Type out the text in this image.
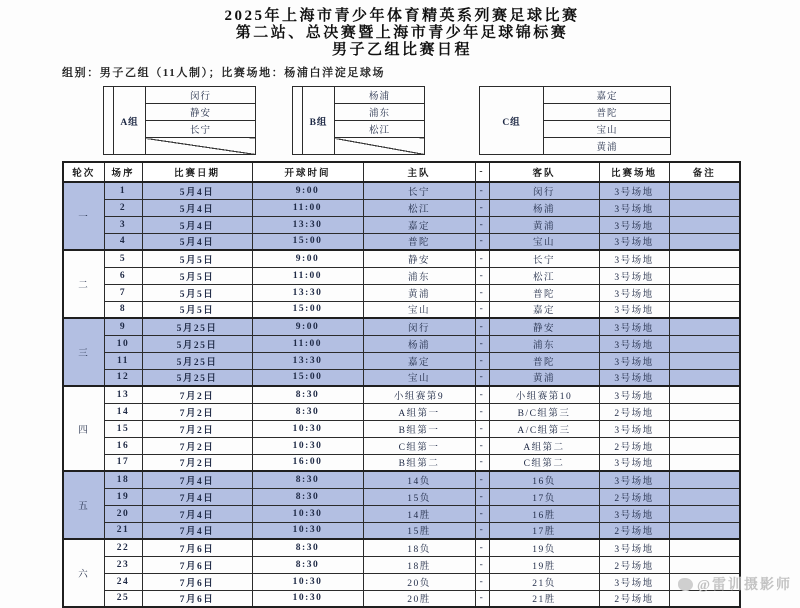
2025年上海市青少年体育精英系列赛足球比赛
第二站、总决赛暨上海市青少年足球锦标赛
男子乙组比赛日程
组别：男子乙组（11人制）；比赛场地：杨浦白洋淀足球场
	A组	闵行
静安
长宁

	B组	杨浦
浦东
松江

C组	嘉定
普陀
宝山
黄浦
轮次	场序	比赛日期	开球时间	主队	-	客队	比赛场地	备注
一	1	5月4日	9:00	长宁	-	闵行	3号场地	
	2	5月4日	11:00	松江	-	杨浦	3号场地	
	3	5月4日	13:30	嘉定	-	黄浦	3号场地	
	4	5月4日	15:00	普陀	-	宝山	3号场地	
二	5	5月5日	9:00	静安	-	长宁	3号场地	
	6	5月5日	11:00	浦东	-	松江	3号场地	
	7	5月5日	13:30	黄浦	-	普陀	3号场地	
	8	5月5日	15:00	宝山	-	嘉定	3号场地	
三	9	5月25日	9:00	闵行	-	静安	3号场地	
	10	5月25日	11:00	杨浦	-	浦东	3号场地	
	11	5月25日	13:30	嘉定	-	普陀	3号场地	
	12	5月25日	15:00	宝山	-	黄浦	3号场地	
四	13	7月2日	8:30	小组赛第9	-	小组赛第10	3号场地	
	14	7月2日	8:30	A组第一	-	B/C组第三	2号场地	
	15	7月2日	10:30	B组第一	-	A/C组第三	3号场地	
	16	7月2日	10:30	C组第一	-	A组第二	2号场地	
	17	7月2日	16:00	B组第二	-	C组第二	3号场地	
五	18	7月4日	8:30	14负	-	16负	3号场地	
	19	7月4日	8:30	15负	-	17负	2号场地	
	20	7月4日	10:30	14胜	-	16胜	3号场地	
	21	7月4日	10:30	15胜	-	17胜	2号场地	
六	22	7月6日	8:30	18负	-	19负	3号场地	
	23	7月6日	8:30	18胜	-	19胜	2号场地	
	24	7月6日	10:30	20负	-	21负	3号场地	
	25	7月6日	10:30	20胜	-	21胜	2号场地	
@雷训摄影师
